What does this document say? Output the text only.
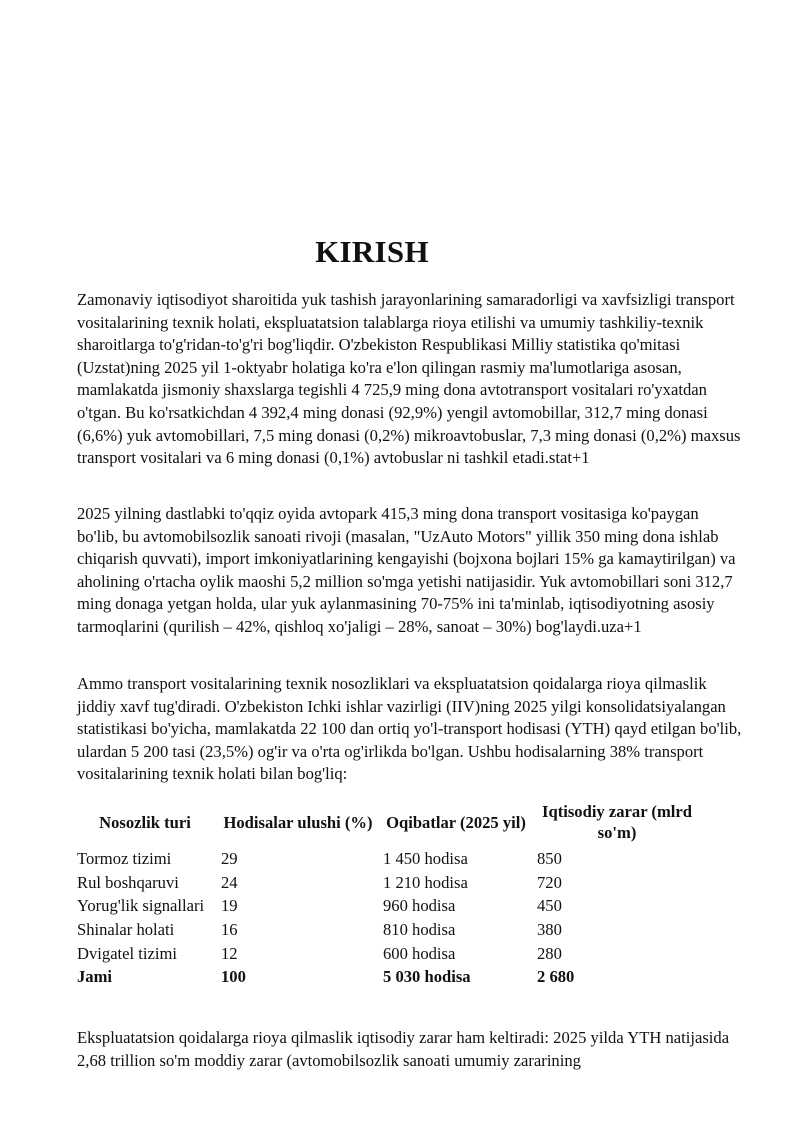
KIRISH

Zamonaviy iqtisodiyot sharoitida yuk tashish jarayonlarining samaradorligi va xavfsizligi transport vositalarining texnik holati, ekspluatatsion talablarga rioya etilishi va umumiy tashkiliy-texnik sharoitlarga to'g'ridan-to'g'ri bog'liqdir. O'zbekiston Respublikasi Milliy statistika qo'mitasi (Uzstat)ning 2025 yil 1-oktyabr holatiga ko'ra e'lon qilingan rasmiy ma'lumotlariga asosan, mamlakatda jismoniy shaxslarga tegishli 4 725,9 ming dona avtotransport vositalari ro'yxatdan o'tgan. Bu ko'rsatkichdan 4 392,4 ming donasi (92,9%) yengil avtomobillar, 312,7 ming donasi (6,6%) yuk avtomobillari, 7,5 ming donasi (0,2%) mikroavtobuslar, 7,3 ming donasi (0,2%) maxsus transport vositalari va 6 ming donasi (0,1%) avtobuslar ni tashkil etadi.stat+1

2025 yilning dastlabki to'qqiz oyida avtopark 415,3 ming dona transport vositasiga ko'paygan bo'lib, bu avtomobilsozlik sanoati rivoji (masalan, "UzAuto Motors" yillik 350 ming dona ishlab chiqarish quvvati), import imkoniyatlarining kengayishi (bojxona bojlari 15% ga kamaytirilgan) va aholining o'rtacha oylik maoshi 5,2 million so'mga yetishi natijasidir. Yuk avtomobillari soni 312,7 ming donaga yetgan holda, ular yuk aylanmasining 70-75% ini ta'minlab, iqtisodiyotning asosiy tarmoqlarini (qurilish – 42%, qishloq xo'jaligi – 28%, sanoat – 30%) bog'laydi.uza+1

Ammo transport vositalarining texnik nosozliklari va ekspluatatsion qoidalarga rioya qilmaslik jiddiy xavf tug'diradi. O'zbekiston Ichki ishlar vazirligi (IIV)ning 2025 yilgi konsolidatsiyalangan statistikasi bo'yicha, mamlakatda 22 100 dan ortiq yo'l-transport hodisasi (YTH) qayd etilgan bo'lib, ulardan 5 200 tasi (23,5%) og'ir va o'rta og'irlikda bo'lgan. Ushbu hodisalarning 38% transport vositalarining texnik holati bilan bog'liq:

Nosozlik turi	Hodisalar ulushi (%)	Oqibatlar (2025 yil)	Iqtisodiy zarar (mlrd so'm)
Tormoz tizimi	29	1 450 hodisa	850
Rul boshqaruvi	24	1 210 hodisa	720
Yorug'lik signallari	19	960 hodisa	450
Shinalar holati	16	810 hodisa	380
Dvigatel tizimi	12	600 hodisa	280
Jami	100	5 030 hodisa	2 680

Ekspluatatsion qoidalarga rioya qilmaslik iqtisodiy zarar ham keltiradi: 2025 yilda YTH natijasida 2,68 trillion so'm moddiy zarar (avtomobilsozlik sanoati umumiy zararining
